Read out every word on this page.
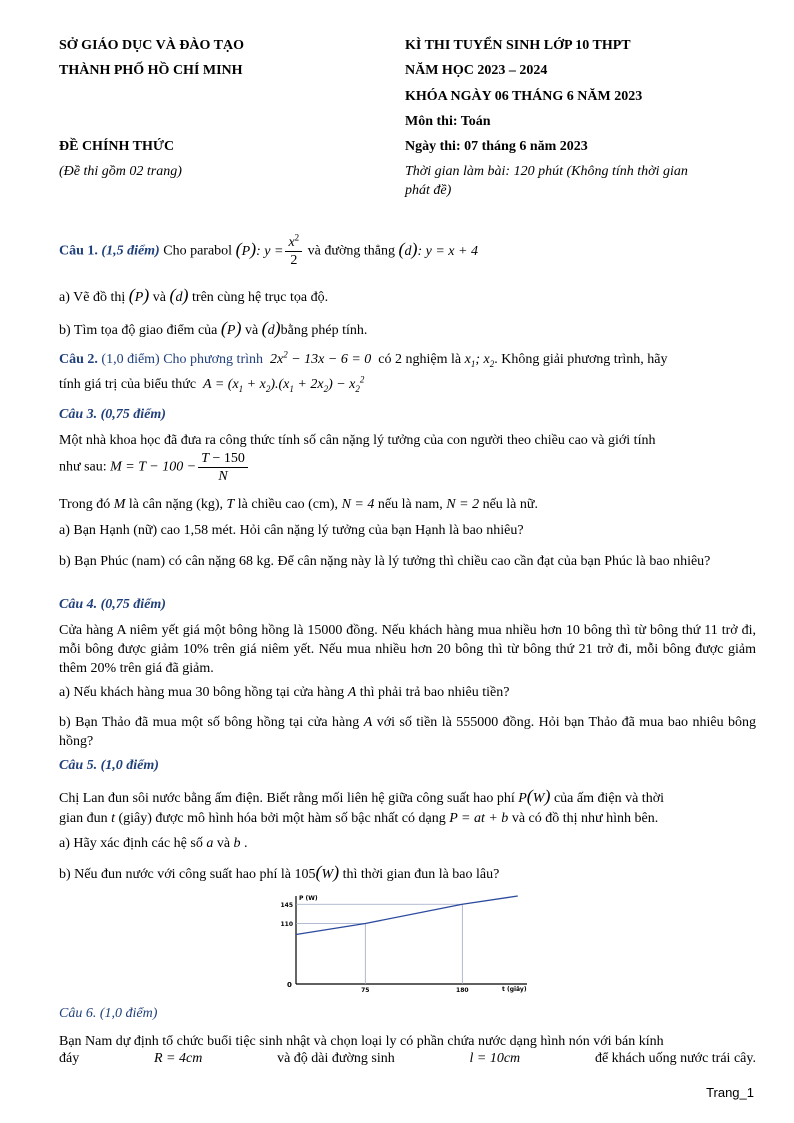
SỞ GIÁO DỤC VÀ ĐÀO TẠO
THÀNH PHỐ HỒ CHÍ MINH
ĐỀ CHÍNH THỨC
(Đề thi gồm 02 trang)
KÌ THI TUYỂN SINH LỚP 10 THPT
NĂM HỌC 2023 – 2024
KHÓA NGÀY 06 THÁNG 6 NĂM 2023
Môn thi: Toán
Ngày thi: 07 tháng 6 năm 2023
Thời gian làm bài: 120 phút (Không tính thời gian
phát đề)
Câu 1. (1,5 điểm) Cho parabol (P): $y = \frac{x^2}{2}$ và đường thẳng (d): y = x + 4
a) Vẽ đồ thị (P) và (d) trên cùng hệ trục tọa độ.
b) Tìm tọa độ giao điểm của (P) và (d)bằng phép tính.
Câu 2. (1,0 điểm) Cho phương trình $2x^2 - 13x - 6 = 0$ có 2 nghiệm là $x_1$; $x_2$. Không giải phương trình, hãy
tính giá trị của biểu thức $A = (x_1 + x_2).(x_1 + 2x_2) - x_2^2$
Câu 3. (0,75 điểm)
Một nhà khoa học đã đưa ra công thức tính số cân nặng lý tưởng của con người theo chiều cao và giới tính
như sau: $M = T - 100 - \frac{T - 150}{N}$
Trong đó M là cân nặng (kg), T là chiều cao (cm), N = 4 nếu là nam, N = 2 nếu là nữ.
a) Bạn Hạnh (nữ) cao 1,58 mét. Hỏi cân nặng lý tưởng của bạn Hạnh là bao nhiêu?
b) Bạn Phúc (nam) có cân nặng 68 kg. Để cân nặng này là lý tưởng thì chiều cao cần đạt của bạn Phúc là bao nhiêu?
Câu 4. (0,75 điểm)
Cửa hàng A niêm yết giá một bông hồng là 15000 đồng. Nếu khách hàng mua nhiều hơn 10 bông thì từ bông thứ 11 trở đi, mỗi bông được giảm 10% trên giá niêm yết. Nếu mua nhiều hơn 20 bông thì từ bông thứ 21 trở đi, mỗi bông được giảm thêm 20% trên giá đã giảm.
a) Nếu khách hàng mua 30 bông hồng tại cửa hàng A thì phải trả bao nhiêu tiền?
b) Bạn Thảo đã mua một số bông hồng tại cửa hàng A với số tiền là 555000 đồng. Hỏi bạn Thảo đã mua bao nhiêu bông hồng?
Câu 5. (1,0 điểm)
Chị Lan đun sôi nước bằng ấm điện. Biết rằng mối liên hệ giữa công suất hao phí P(W) của ấm điện và thời
gian đun t (giây) được mô hình hóa bởi một hàm số bậc nhất có dạng P = at + b và có đồ thị như hình bên.
a) Hãy xác định các hệ số a và b .
b) Nếu đun nước với công suất hao phí là 105(W) thì thời gian đun là bao lâu?
P (W)
t (giây)
0
110
145
75	180
Câu 6. (1,0 điểm)
Bạn Nam dự định tổ chức buổi tiệc sinh nhật và chọn loại ly có phần chứa nước dạng hình nón với bán kính
đáy	R = 4cm	và độ dài đường sinh	l = 10cm	để khách uống nước trái cây.
Trang_1
